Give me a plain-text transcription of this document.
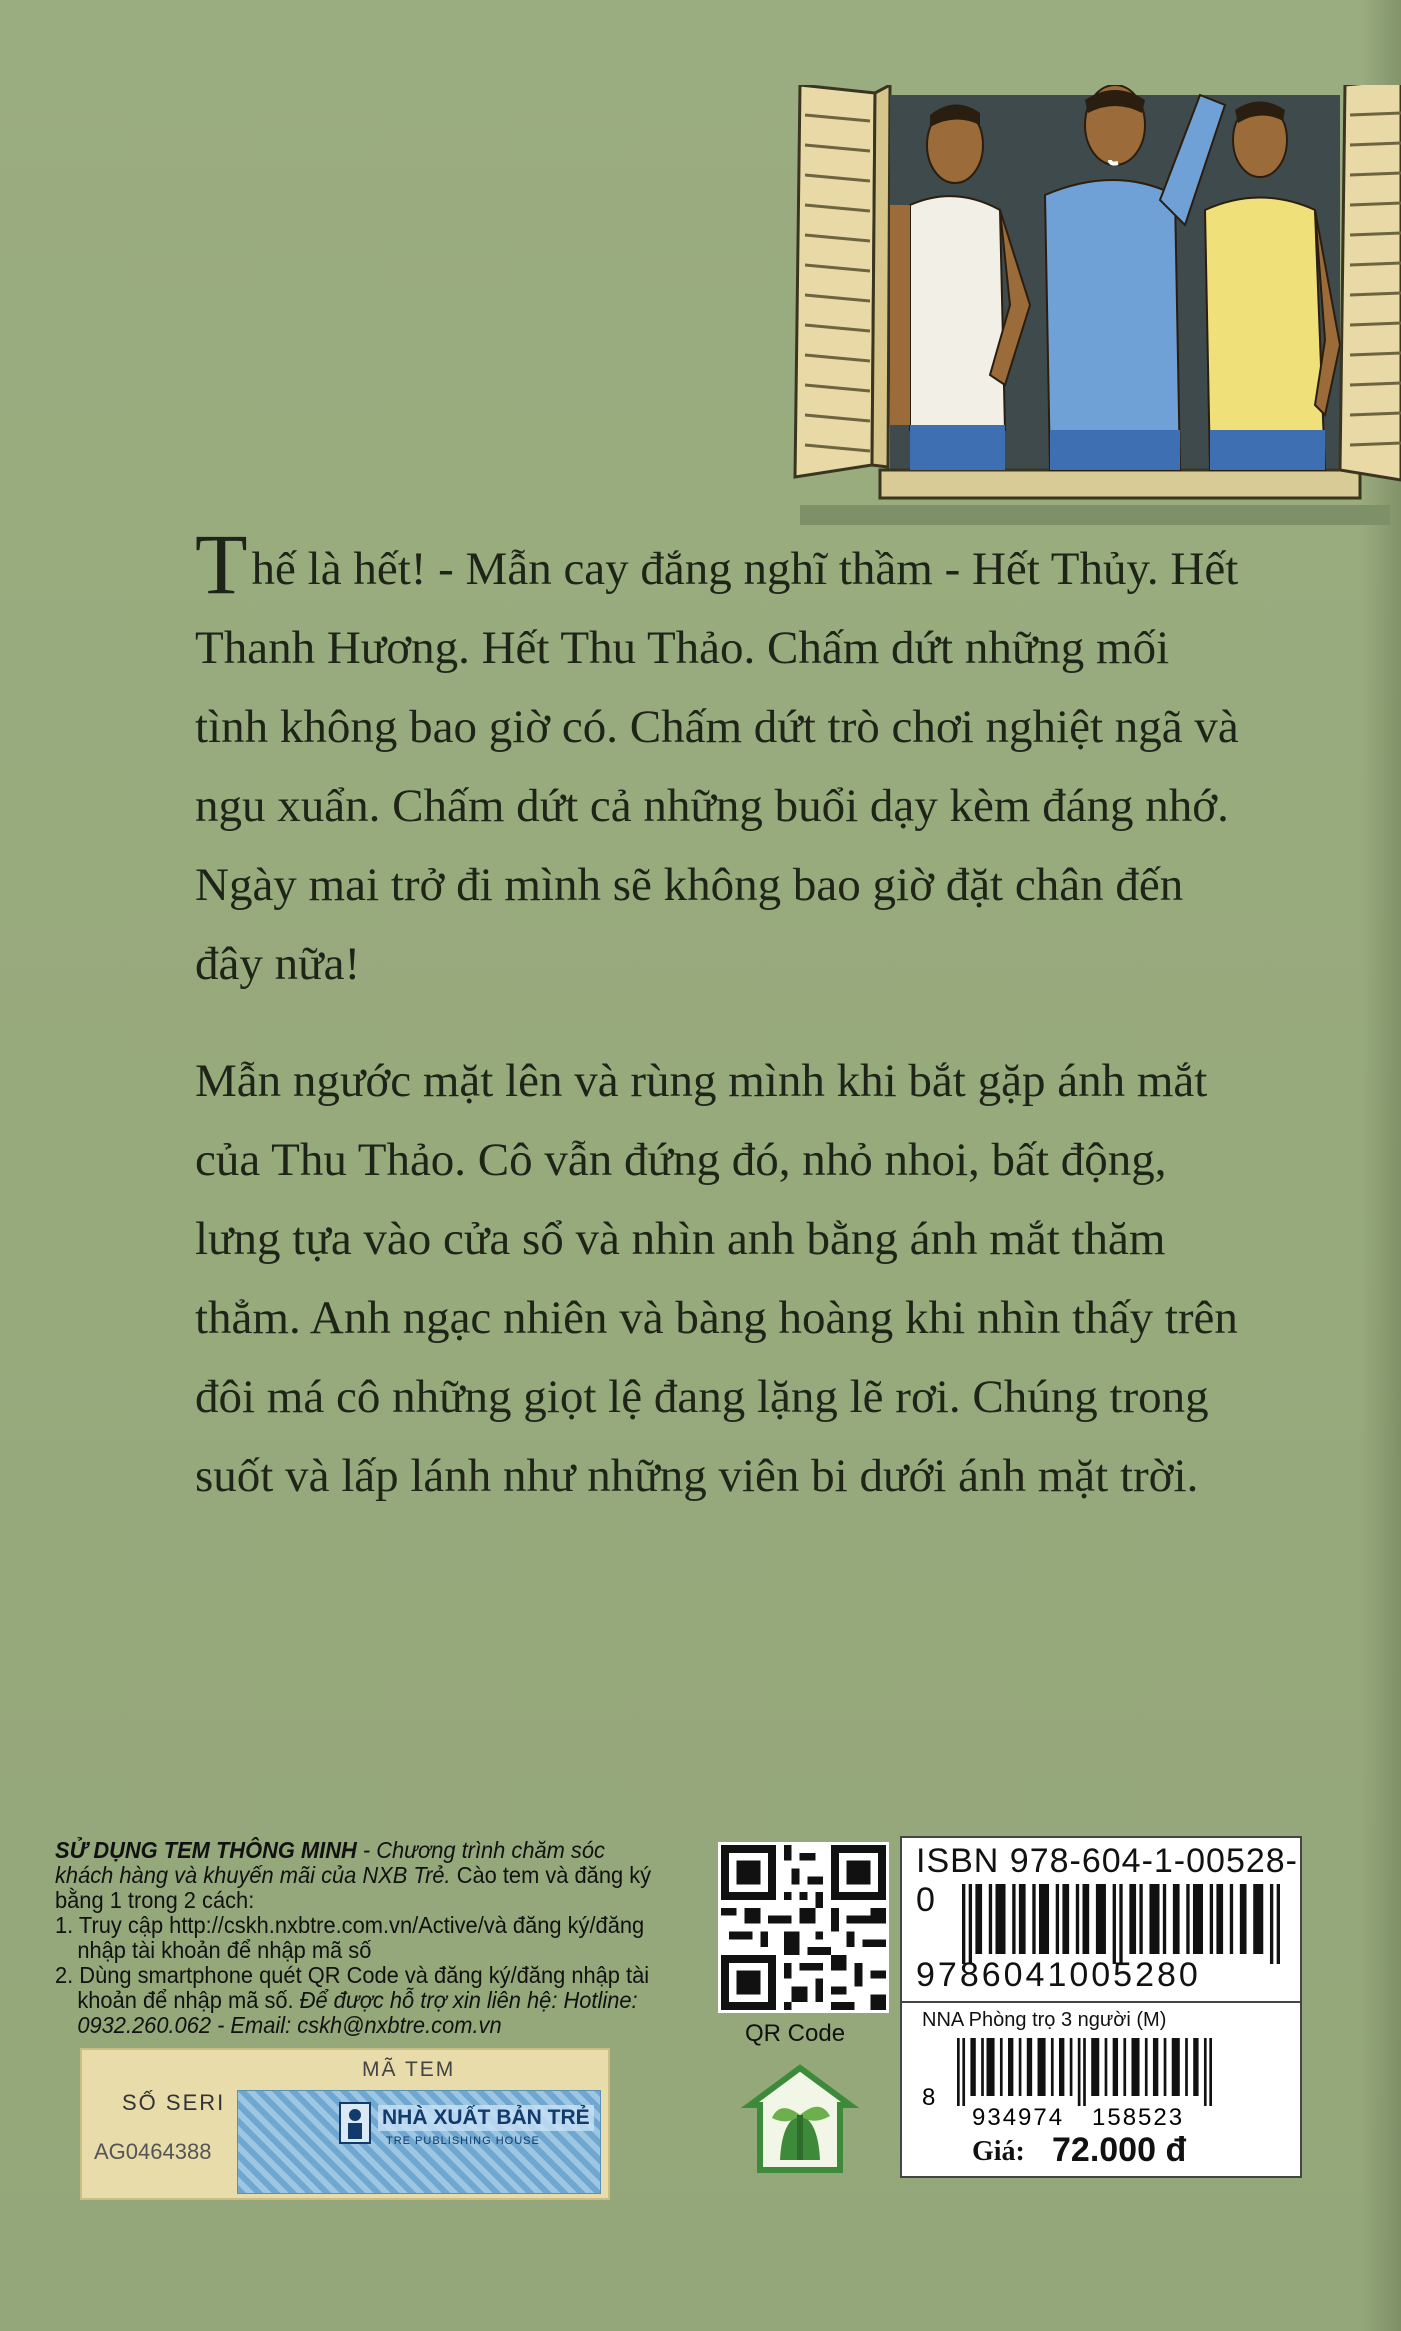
Thế là hết! - Mẫn cay đắng nghĩ thầm - Hết Thủy. Hết Thanh Hương. Hết Thu Thảo. Chấm dứt những mối tình không bao giờ có. Chấm dứt trò chơi nghiệt ngã và ngu xuẩn. Chấm dứt cả những buổi dạy kèm đáng nhớ. Ngày mai trở đi mình sẽ không bao giờ đặt chân đến đây nữa!

Mẫn ngước mặt lên và rùng mình khi bắt gặp ánh mắt của Thu Thảo. Cô vẫn đứng đó, nhỏ nhoi, bất động, lưng tựa vào cửa sổ và nhìn anh bằng ánh mắt thăm thẳm. Anh ngạc nhiên và bàng hoàng khi nhìn thấy trên đôi má cô những giọt lệ đang lặng lẽ rơi. Chúng trong suốt và lấp lánh như những viên bi dưới ánh mặt trời.

SỬ DỤNG TEM THÔNG MINH - Chương trình chăm sóc khách hàng và khuyến mãi của NXB Trẻ. Cào tem và đăng ký bằng 1 trong 2 cách:
1. Truy cập http://cskh.nxbtre.com.vn/Active/và đăng ký/đăng nhập tài khoản để nhập mã số
2. Dùng smartphone quét QR Code và đăng ký/đăng nhập tài khoản để nhập mã số. Để được hỗ trợ xin liên hệ: Hotline: 0932.260.062 - Email: cskh@nxbtre.com.vn
SỐ SERI
AG0464388
MÃ TEM
NHÀ XUẤT BẢN TRẺ
TRE PUBLISHING HOUSE
QR Code
ISBN 978-604-1-00528-0
9786041005280
NNA Phòng trọ 3 người (M)
8
934974 158523
Giá: 72.000 đ
